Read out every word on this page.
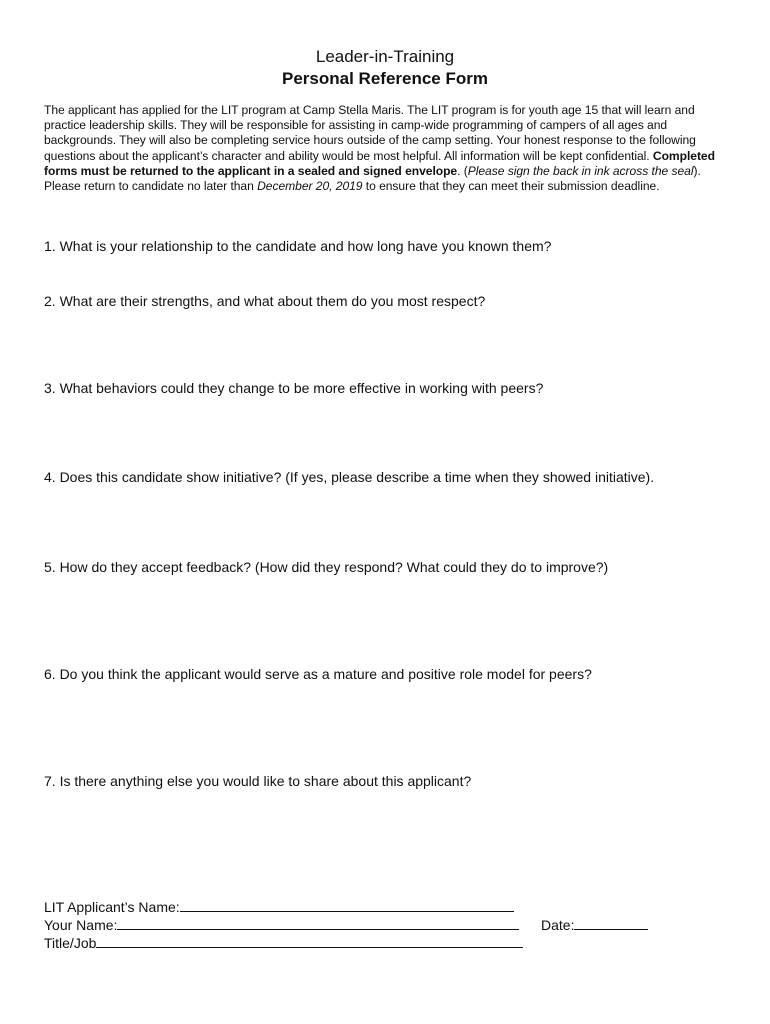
Leader-in-Training
Personal Reference Form
The applicant has applied for the LIT program at Camp Stella Maris. The LIT program is for youth age 15 that will learn and practice leadership skills. They will be responsible for assisting in camp-wide programming of campers of all ages and backgrounds. They will also be completing service hours outside of the camp setting. Your honest response to the following questions about the applicant’s character and ability would be most helpful. All information will be kept confidential. Completed forms must be returned to the applicant in a sealed and signed envelope. (Please sign the back in ink across the seal). Please return to candidate no later than December 20, 2019 to ensure that they can meet their submission deadline.
1. What is your relationship to the candidate and how long have you known them?
2. What are their strengths, and what about them do you most respect?
3. What behaviors could they change to be more effective in working with peers?
4. Does this candidate show initiative? (If yes, please describe a time when they showed initiative).
5. How do they accept feedback? (How did they respond? What could they do to improve?)
6. Do you think the applicant would serve as a mature and positive role model for peers?
7. Is there anything else you would like to share about this applicant?
LIT Applicant’s Name:
Your Name:	Date:
Title/Job
